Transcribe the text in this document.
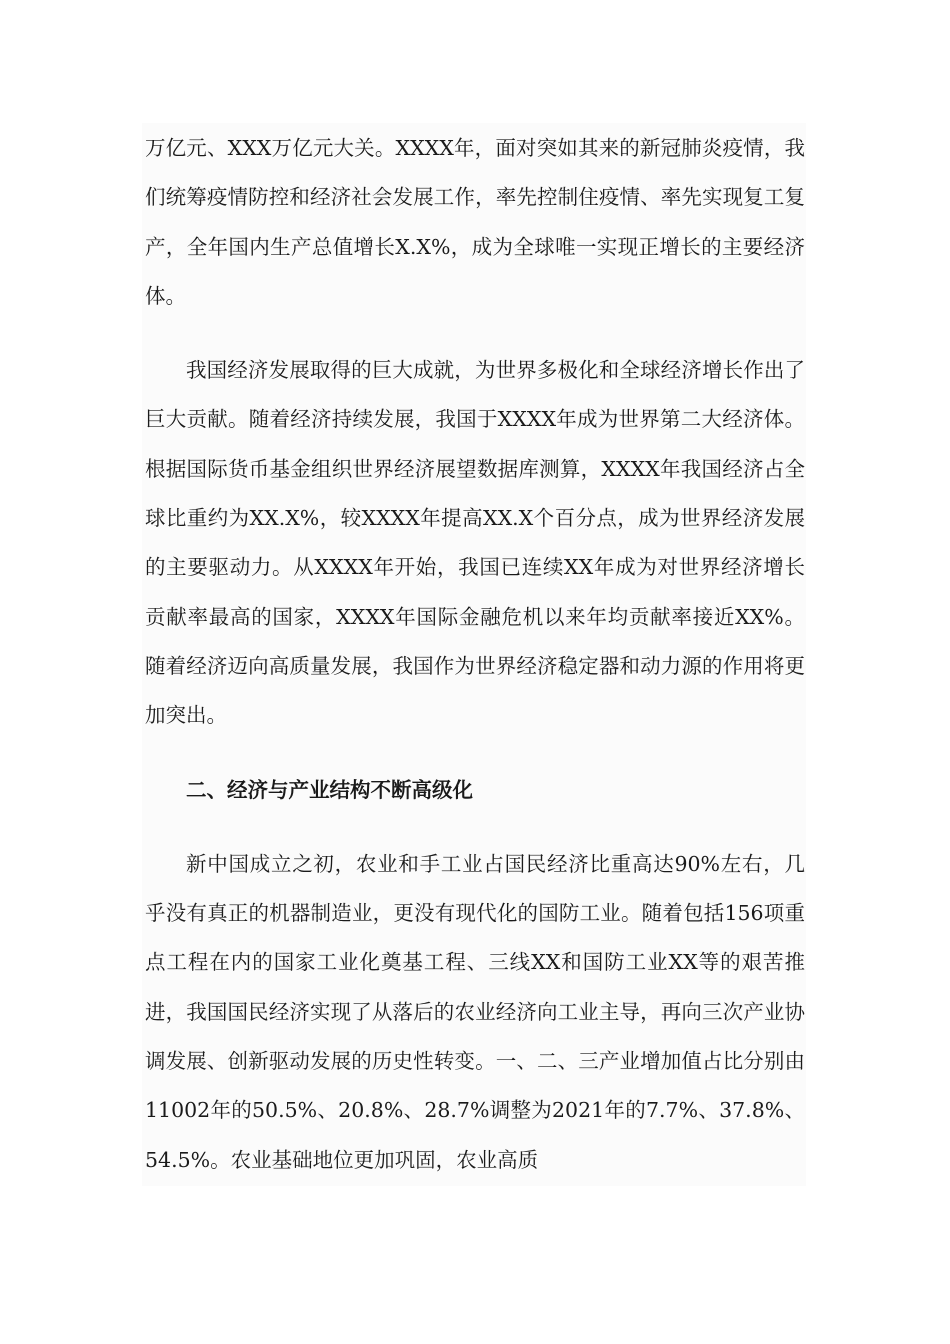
万亿元、XXX万亿元大关。XXXX年，面对突如其来的新冠肺炎疫情，我们统筹疫情防控和经济社会发展工作，率先控制住疫情、率先实现复工复产，全年国内生产总值增长X.X%，成为全球唯一实现正增长的主要经济体。

我国经济发展取得的巨大成就，为世界多极化和全球经济增长作出了巨大贡献。随着经济持续发展，我国于XXXX年成为世界第二大经济体。根据国际货币基金组织世界经济展望数据库测算，XXXX年我国经济占全球比重约为XX.X%，较XXXX年提高XX.X个百分点，成为世界经济发展的主要驱动力。从XXXX年开始，我国已连续XX年成为对世界经济增长贡献率最高的国家，XXXX年国际金融危机以来年均贡献率接近XX%。随着经济迈向高质量发展，我国作为世界经济稳定器和动力源的作用将更加突出。

二、经济与产业结构不断高级化

新中国成立之初，农业和手工业占国民经济比重高达90%左右，几乎没有真正的机器制造业，更没有现代化的国防工业。随着包括156项重点工程在内的国家工业化奠基工程、三线XX和国防工业XX等的艰苦推进，我国国民经济实现了从落后的农业经济向工业主导，再向三次产业协调发展、创新驱动发展的历史性转变。一、二、三产业增加值占比分别由11002年的50.5%、20.8%、28.7%调整为2021年的7.7%、37.8%、54.5%。农业基础地位更加巩固，农业高质
